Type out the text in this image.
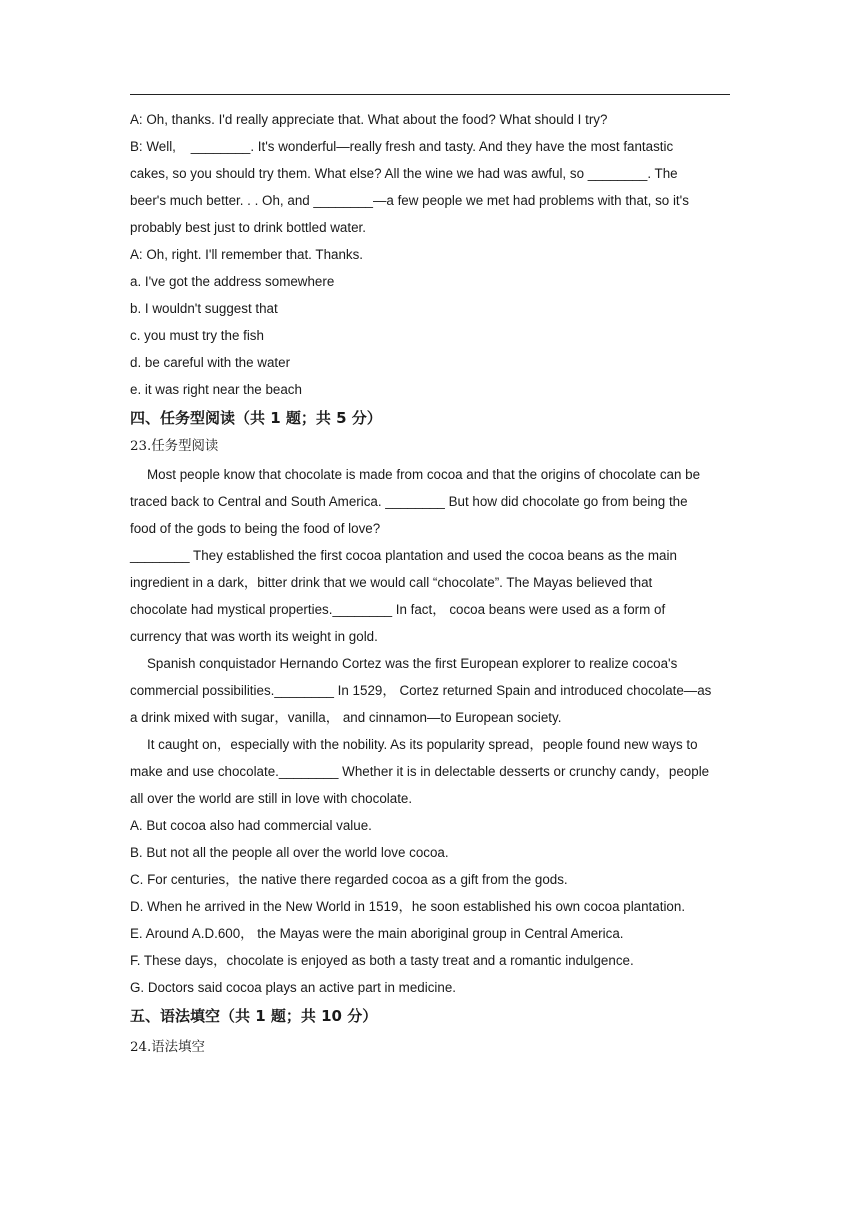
A: Oh, thanks. I'd really appreciate that. What about the food? What should I try?
B: Well,    ________. It's wonderful—really fresh and tasty. And they have the most fantastic
cakes, so you should try them. What else? All the wine we had was awful, so ________. The
beer's much better. . . Oh, and ________—a few people we met had problems with that, so it's
probably best just to drink bottled water.
A: Oh, right. I'll remember that. Thanks.
a. I've got the address somewhere
b. I wouldn't suggest that
c. you must try the fish
d. be careful with the water
e. it was right near the beach
四、任务型阅读（共 1 题；共 5 分）
23.任务型阅读
Most people know that chocolate is made from cocoa and that the origins of chocolate can be
traced back to Central and South America. ________ But how did chocolate go from being the
food of the gods to being the food of love?
________ They established the first cocoa plantation and used the cocoa beans as the main
ingredient in a dark，bitter drink that we would call “chocolate”. The Mayas believed that
chocolate had mystical properties.________ In fact， cocoa beans were used as a form of
currency that was worth its weight in gold.
Spanish conquistador Hernando Cortez was the first European explorer to realize cocoa's
commercial possibilities.________ In 1529， Cortez returned Spain and introduced chocolate—as
a drink mixed with sugar，vanilla， and cinnamon—to European society.
It caught on，especially with the nobility. As its popularity spread，people found new ways to
make and use chocolate.________ Whether it is in delectable desserts or crunchy candy，people
all over the world are still in love with chocolate.
A. But cocoa also had commercial value.
B. But not all the people all over the world love cocoa.
C. For centuries，the native there regarded cocoa as a gift from the gods.
D. When he arrived in the New World in 1519，he soon established his own cocoa plantation.
E. Around A.D.600， the Mayas were the main aboriginal group in Central America.
F. These days，chocolate is enjoyed as both a tasty treat and a romantic indulgence.
G. Doctors said cocoa plays an active part in medicine.
五、语法填空（共 1 题；共 10 分）
24.语法填空
